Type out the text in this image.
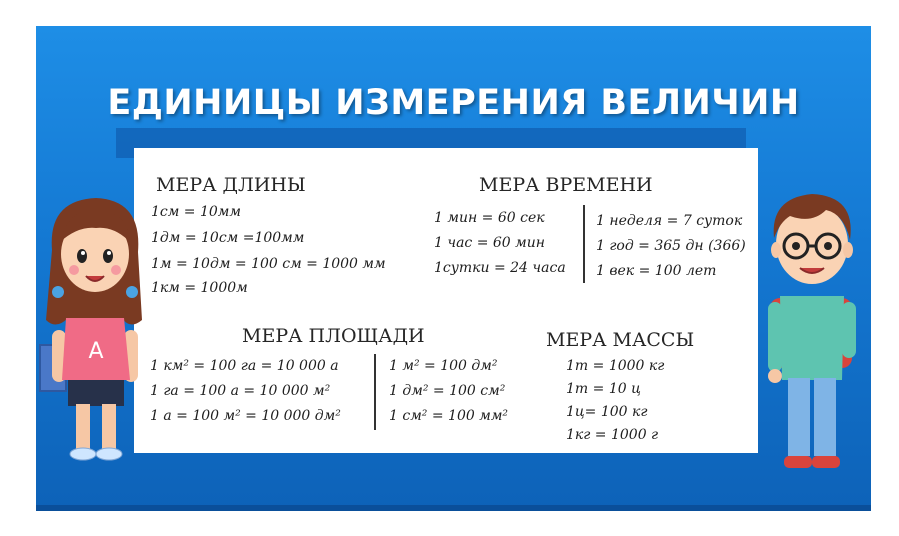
ЕДИНИЦЫ ИЗМЕРЕНИЯ ВЕЛИЧИН
МЕРА ДЛИНЫ
1см = 10мм
1дм = 10см =100мм
1м = 10дм = 100 см = 1000 мм
1км = 1000м
МЕРА ВРЕМЕНИ
1 мин = 60 сек
1 час = 60 мин
1сутки = 24 часа
1 неделя = 7 суток
1 год = 365 дн (366)
1 век = 100 лет
МЕРА ПЛОЩАДИ
1 км² = 100 га = 10 000 а
1 га = 100 а = 10 000 м²
1 а = 100 м² = 10 000 дм²
1 м² = 100 дм²
1 дм² = 100 см²
1 см² = 100 мм²
МЕРА МАССЫ
1т = 1000 кг
1т = 10 ц
1ц= 100 кг
1кг = 1000 г
A
